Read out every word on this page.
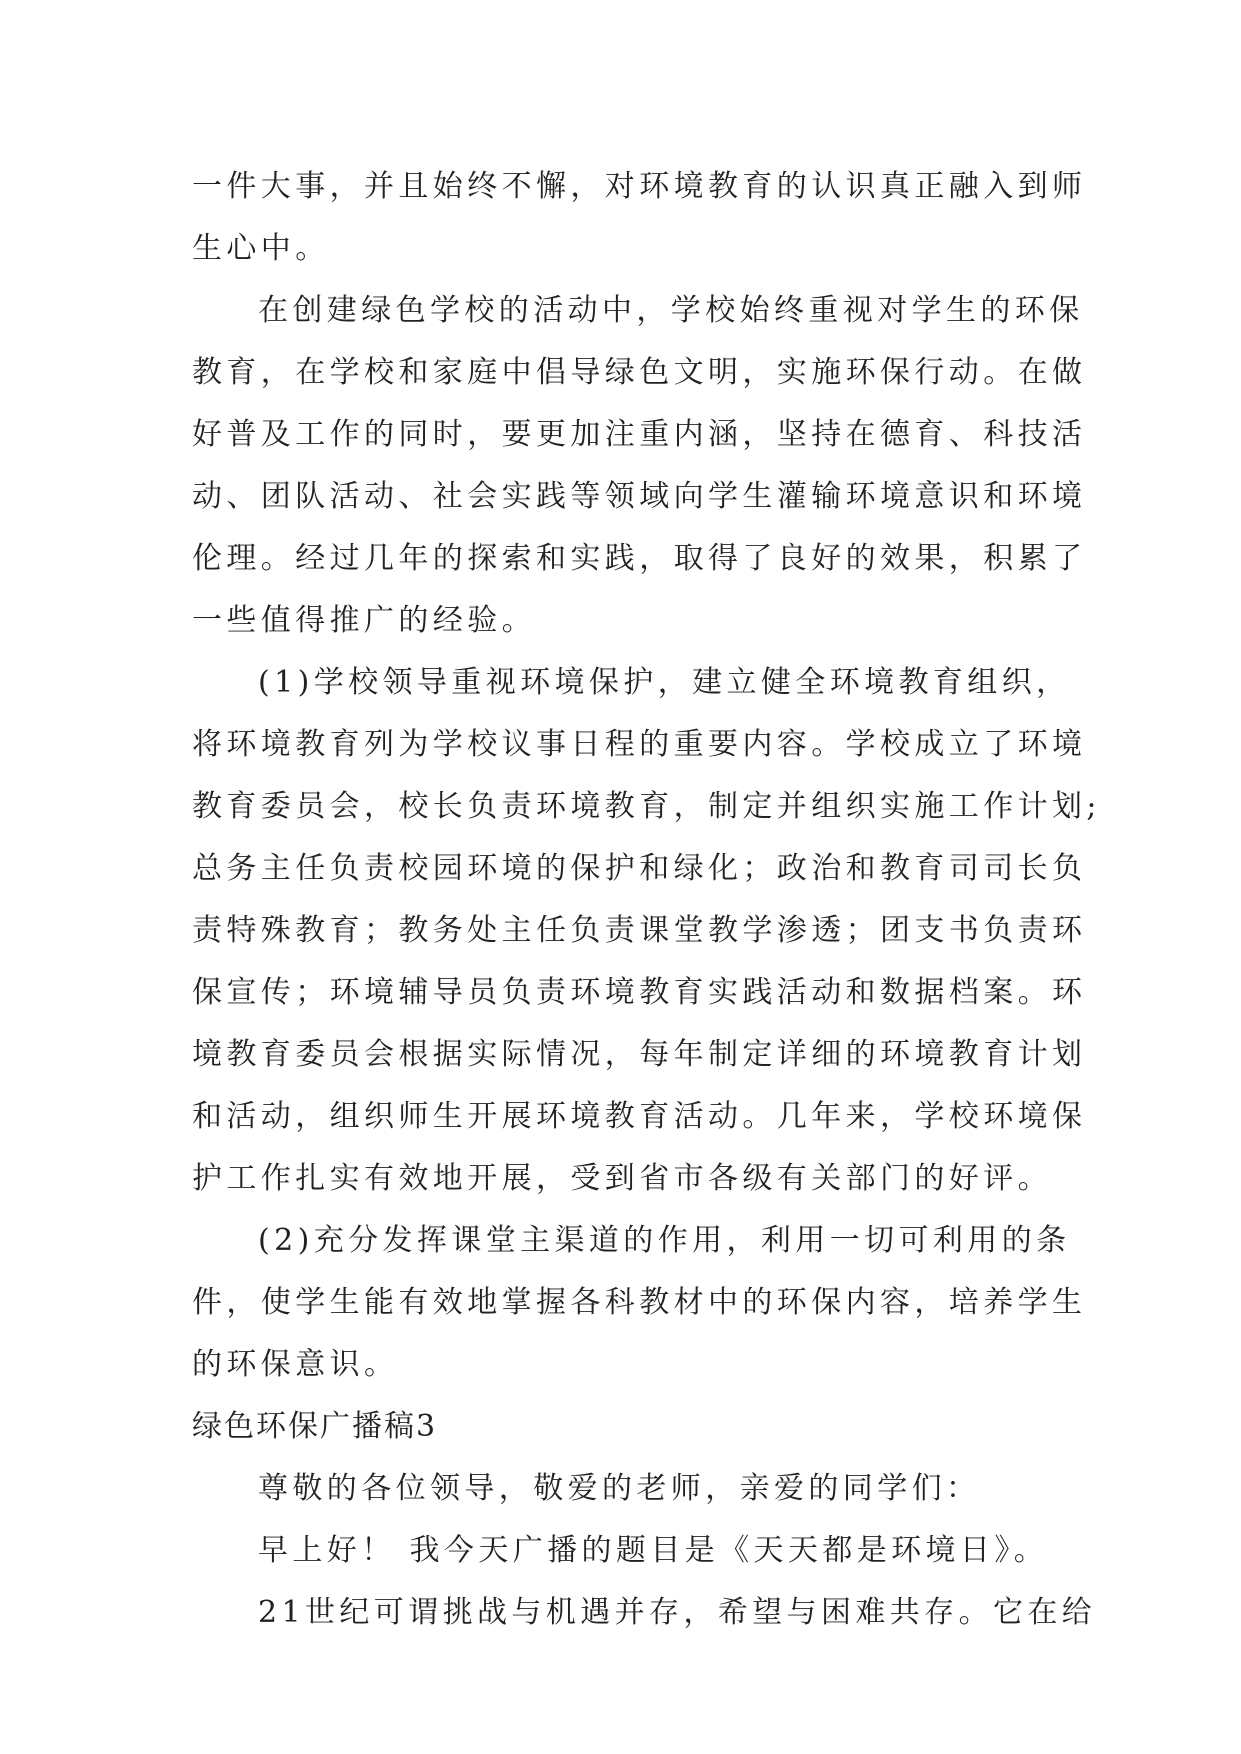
一件大事，并且始终不懈，对环境教育的认识真正融入到师
生心中。
在创建绿色学校的活动中，学校始终重视对学生的环保
教育，在学校和家庭中倡导绿色文明，实施环保行动。在做
好普及工作的同时，要更加注重内涵，坚持在德育、科技活
动、团队活动、社会实践等领域向学生灌输环境意识和环境
伦理。经过几年的探索和实践，取得了良好的效果，积累了
一些值得推广的经验。
(1)学校领导重视环境保护，建立健全环境教育组织，
将环境教育列为学校议事日程的重要内容。学校成立了环境
教育委员会，校长负责环境教育，制定并组织实施工作计划;
总务主任负责校园环境的保护和绿化；政治和教育司司长负
责特殊教育；教务处主任负责课堂教学渗透；团支书负责环
保宣传；环境辅导员负责环境教育实践活动和数据档案。环
境教育委员会根据实际情况，每年制定详细的环境教育计划
和活动，组织师生开展环境教育活动。几年来，学校环境保
护工作扎实有效地开展，受到省市各级有关部门的好评。
(2)充分发挥课堂主渠道的作用，利用一切可利用的条
件，使学生能有效地掌握各科教材中的环保内容，培养学生
的环保意识。
绿色环保广播稿3
尊敬的各位领导，敬爱的老师，亲爱的同学们：
早上好！ 我今天广播的题目是《天天都是环境日》。
21世纪可谓挑战与机遇并存，希望与困难共存。它在给
